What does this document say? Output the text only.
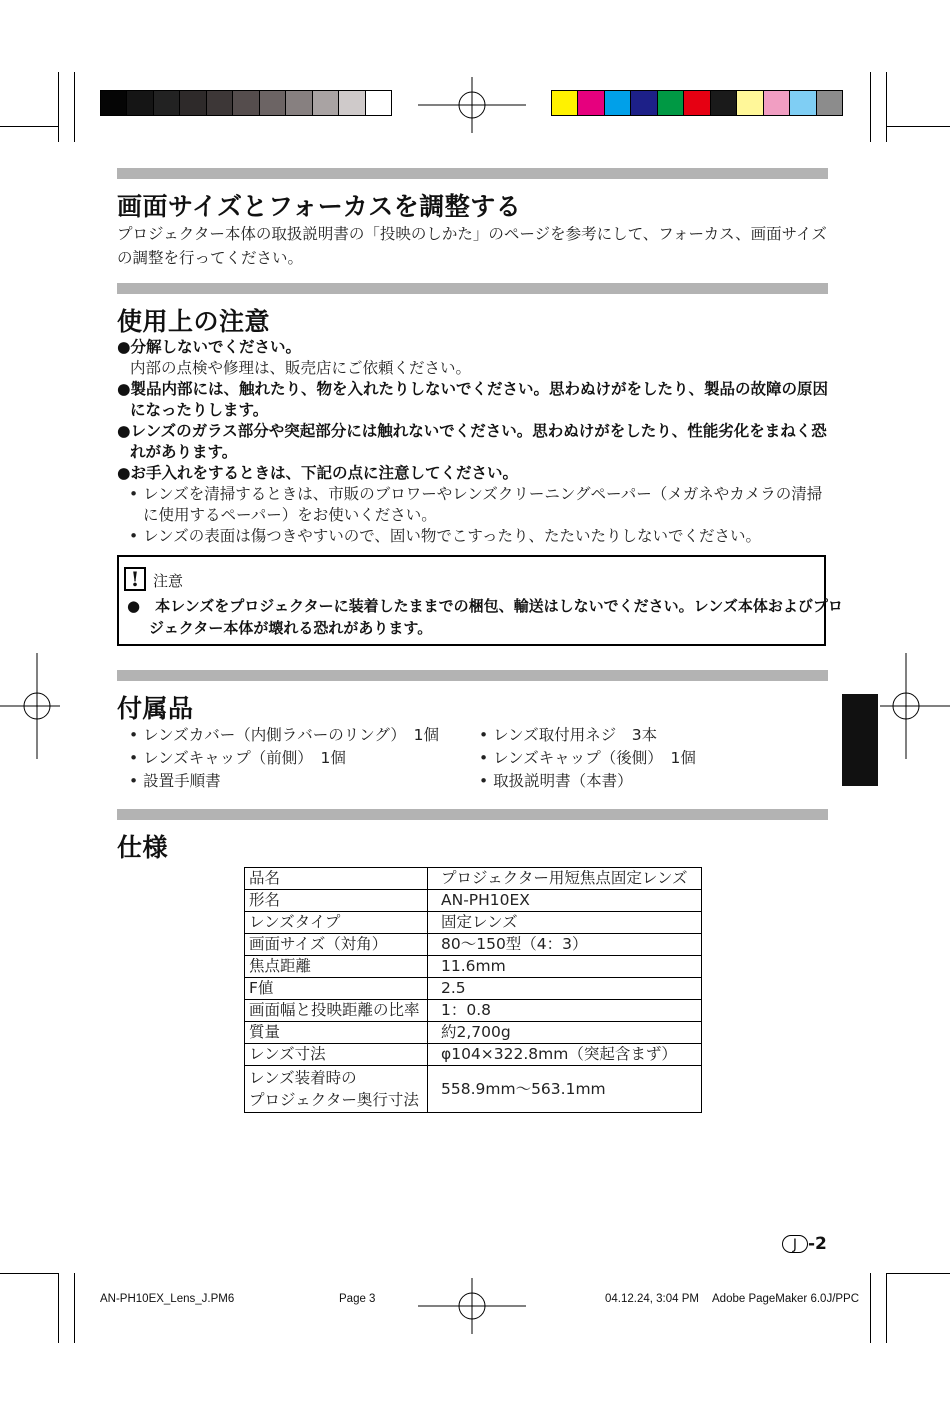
画面サイズとフォーカスを調整する

プロジェクター本体の取扱説明書の「投映のしかた」のページを参考にして、フォーカス、画面サイズの調整を行ってください。

使用上の注意
●分解しないでください。
内部の点検や修理は、販売店にご依頼ください。
●製品内部には、触れたり、物を入れたりしないでください。思わぬけがをしたり、製品の故障の原因になったりします。
●レンズのガラス部分や突起部分には触れないでください。思わぬけがをしたり、性能劣化をまねく恐れがあります。
●お手入れをするときは、下記の点に注意してください。
• レンズを清掃するときは、市販のブロワーやレンズクリーニングペーパー（メガネやカメラの清掃に使用するペーパー）をお使いください。
• レンズの表面は傷つきやすいので、固い物でこすったり、たたいたりしないでください。
! 注意
●　本レンズをプロジェクターに装着したままでの梱包、輸送はしないでください。レンズ本体およびプロジェクター本体が壊れる恐れがあります。
付属品
• レンズカバー（内側ラバーのリング）　1個
• レンズキャップ（前側）　1個
• 設置手順書
• レンズ取付用ネジ　3本
• レンズキャップ（後側）　1個
• 取扱説明書（本書）
仕様
品名	プロジェクター用短焦点固定レンズ
形名	AN-PH10EX
レンズタイプ	固定レンズ
画面サイズ（対角）	80〜150型（4：3）
焦点距離	11.6mm
F値	2.5
画面幅と投映距離の比率	1：0.8
質量	約2,700g
レンズ寸法	φ104×322.8mm（突起含まず）

レンズ装着時の
プロジェクター奥行寸法	558.9mm〜563.1mm
J -2
AN-PH10EX_Lens_J.PM6	Page 3	04.12.24, 3:04 PM Adobe PageMaker 6.0J/PPC
